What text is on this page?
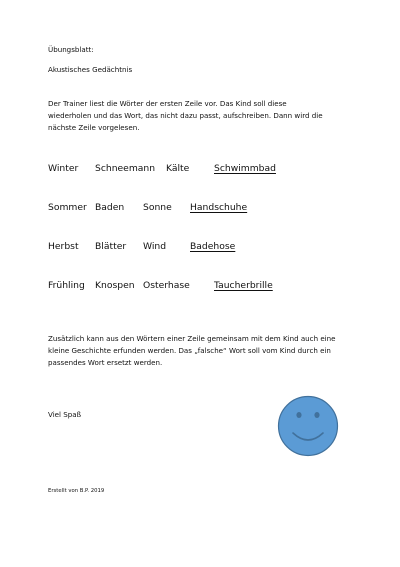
Übungsblatt:
Akustisches Gedächtnis
Der Trainer liest die Wörter der ersten Zeile vor. Das Kind soll diese
wiederholen und das Wort, das nicht dazu passt, aufschreiben. Dann wird die
nächste Zeile vorgelesen.
Winter Schneemann Kälte	Schwimmbad
Sommer Baden Sonne Handschuhe
Herbst Blätter Wind	Badehose
Frühling Knospen Osterhase	Taucherbrille
Zusätzlich kann aus den Wörtern einer Zeile gemeinsam mit dem Kind auch eine
kleine Geschichte erfunden werden. Das „falsche“ Wort soll vom Kind durch ein
passendes Wort ersetzt werden.
Viel Spaß
Erstellt von B.P. 2019
